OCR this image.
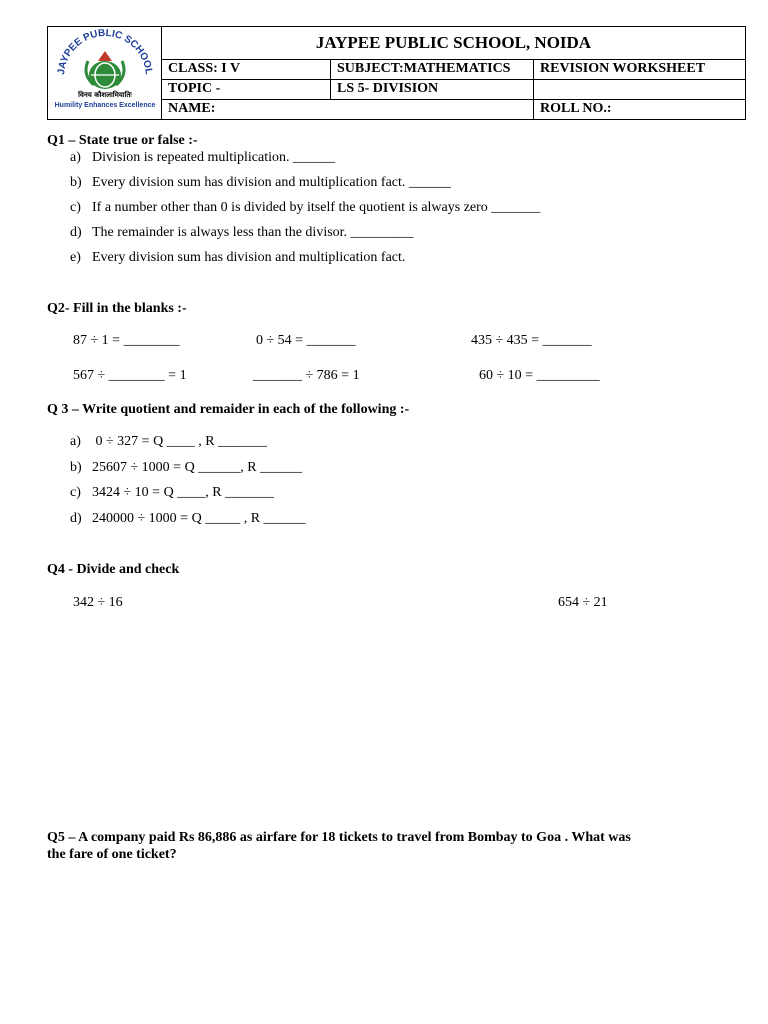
JAYPEE PUBLIC SCHOOL
विनय कौशलामियातिः
Humility Enhances Excellence	JAYPEE PUBLIC SCHOOL, NOIDA		
	CLASS: I V	SUBJECT:MATHEMATICS	REVISION WORKSHEET
	TOPIC -	LS 5- DIVISION	
	NAME:		ROLL NO.:
Q1 – State true or false :-
a) Division is repeated multiplication. ______
b) Every division sum has division and multiplication fact. ______
c) If a number other than 0 is divided by itself the quotient is always zero _______
d) The remainder is always less than the divisor. _________
e) Every division sum has division and multiplication fact.
Q2- Fill in the blanks :-
87 ÷ 1 = ________	0 ÷ 54 = _______	435 ÷ 435 = _______
567 ÷ ________ = 1	_______ ÷ 786 = 1	60 ÷ 10 = _________
Q 3 – Write quotient and remaider in each of the following :-
a) 0 ÷ 327 = Q ____ , R _______
b) 25607 ÷ 1000 = Q ______, R ______
c) 3424 ÷ 10 = Q ____, R _______
d) 240000 ÷ 1000 = Q _____ , R ______
Q4 - Divide and check
342 ÷ 16	654 ÷ 21
Q5 – A company paid Rs 86,886 as airfare for 18 tickets to travel from Bombay to Goa . What was
the fare of one ticket?
